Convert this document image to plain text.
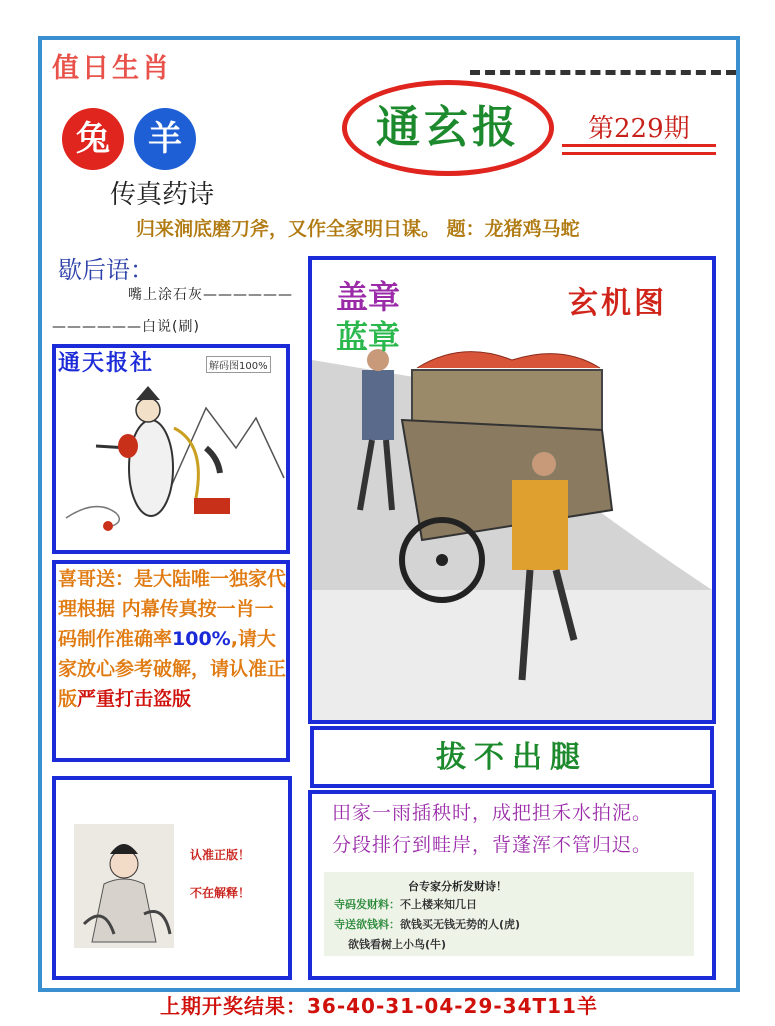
值日生肖
兔	羊	通玄报	第229期
传真药诗
归来涧底磨刀斧，又作全家明日谋。 题：龙猪鸡马蛇
歇后语：
嘴上涂石灰——————
——————白说(刷)
通天报社	解码图100%
喜哥送：是大陆唯一独家代理根据 内幕传真按一肖一码制作准确率100%,请大家放心参考破解，请认准正版严重打击盗版
认准正版！
不在解释！
盖章
蓝章
玄机图
拔不出腿
田家一雨插秧时，成把担禾水拍泥。
分段排行到畦岸，背蓬浑不管归迟。
台专家分析发财诗！
寺码发财料：不上楼来知几日
寺送欲钱料：欲钱买无钱无势的人(虎)
欲钱看树上小鸟(牛)
上期开奖结果：36-40-31-04-29-34T11羊
